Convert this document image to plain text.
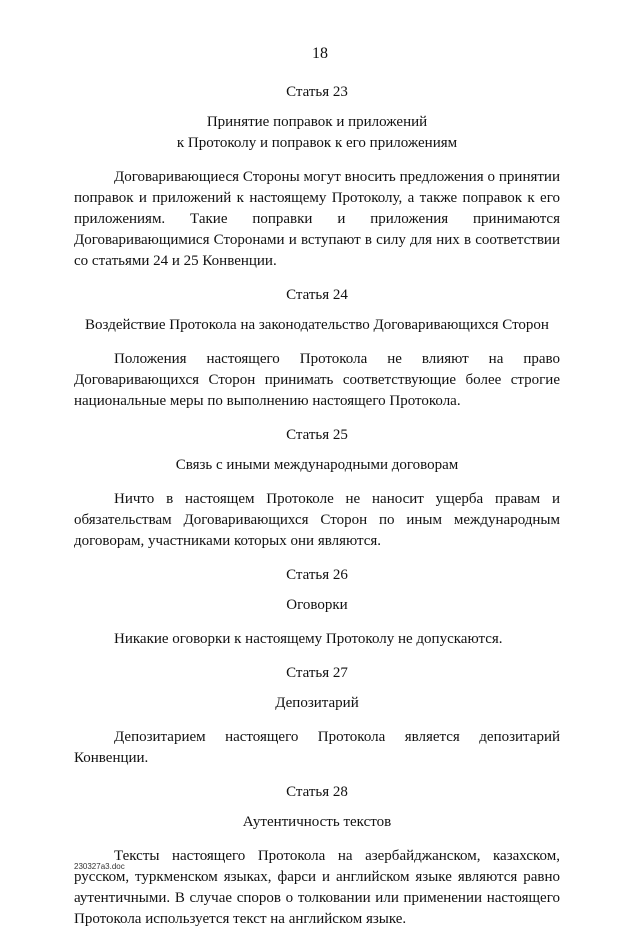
18

Статья 23

Принятие поправок и приложений
к Протоколу и поправок к его приложениям

Договаривающиеся Стороны могут вносить предложения о принятии поправок и приложений к настоящему Протоколу, а также поправок к его приложениям. Такие поправки и приложения принимаются Договаривающимися Сторонами и вступают в силу для них в соответствии со статьями 24 и 25 Конвенции.

Статья 24

Воздействие Протокола на законодательство Договаривающихся Сторон

Положения настоящего Протокола не влияют на право Договаривающихся Сторон принимать соответствующие более строгие национальные меры по выполнению настоящего Протокола.

Статья 25

Связь с иными международными договорам

Ничто в настоящем Протоколе не наносит ущерба правам и обязательствам Договаривающихся Сторон по иным международным договорам, участниками которых они являются.

Статья 26

Оговорки

Никакие оговорки к настоящему Протоколу не допускаются.

Статья 27

Депозитарий

Депозитарием настоящего Протокола является депозитарий Конвенции.

Статья 28

Аутентичность текстов

Тексты настоящего Протокола на азербайджанском, казахском, русском, туркменском языках, фарси и английском языке являются равно аутентичными. В случае споров о толковании или применении настоящего Протокола используется текст на английском языке.

230327a3.doc
